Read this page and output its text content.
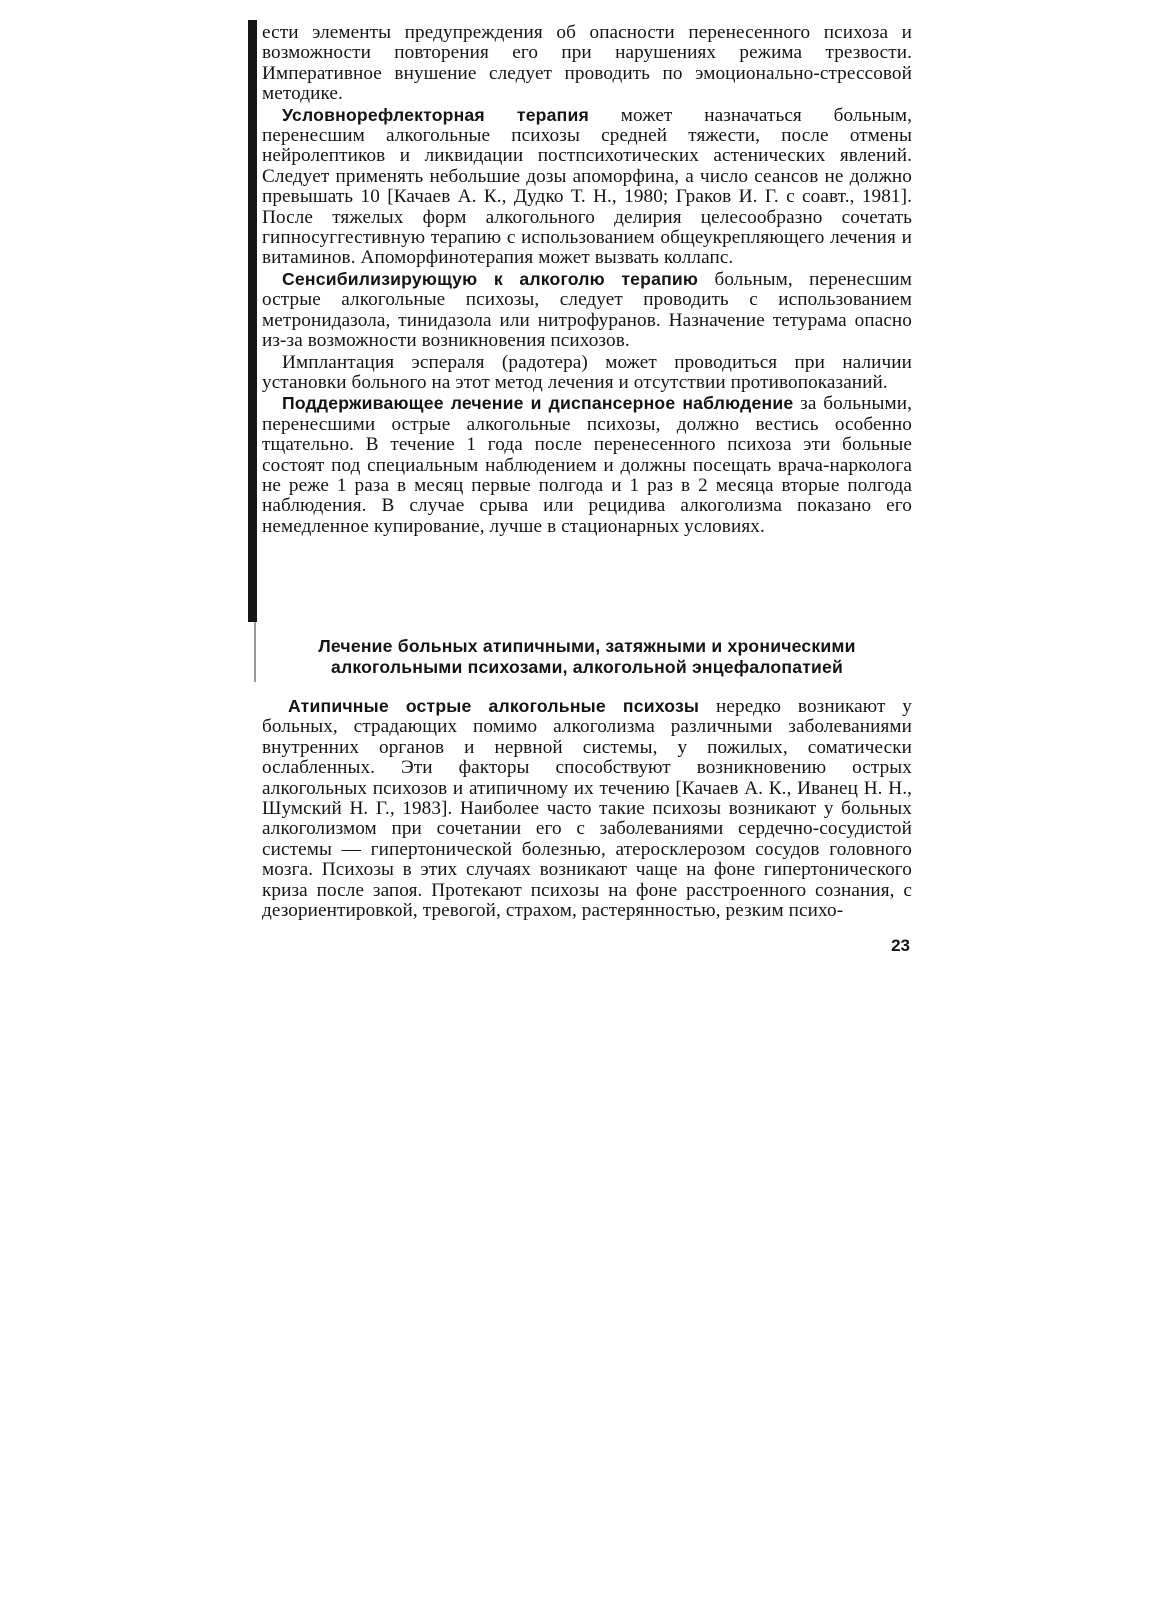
ести элементы предупреждения об опасности перенесенного психоза и возможности повторения его при нарушениях режима трезвости. Императивное внушение следует проводить по эмоционально-стрессовой методике.

Условнорефлекторная терапия может назначаться больным, перенесшим алкогольные психозы средней тяжести, после отмены нейролептиков и ликвидации постпсихотических астенических явлений. Следует применять небольшие дозы апоморфина, а число сеансов не должно превышать 10 [Качаев А. К., Дудко Т. Н., 1980; Граков И. Г. с соавт., 1981]. После тяжелых форм алкогольного делирия целесообразно сочетать гипносуггестивную терапию с использованием общеукрепляющего лечения и витаминов. Апоморфинотерапия может вызвать коллапс.

Сенсибилизирующую к алкоголю терапию больным, перенесшим острые алкогольные психозы, следует проводить с использованием метронидазола, тинидазола или нитрофуранов. Назначение тетурама опасно из-за возможности возникновения психозов.

Имплантация эспераля (радотера) может проводиться при наличии установки больного на этот метод лечения и отсутствии противопоказаний.

Поддерживающее лечение и диспансерное наблюдение за больными, перенесшими острые алкогольные психозы, должно вестись особенно тщательно. В течение 1 года после перенесенного психоза эти больные состоят под специальным наблюдением и должны посещать врача-нарколога не реже 1 раза в месяц первые полгода и 1 раз в 2 месяца вторые полгода наблюдения. В случае срыва или рецидива алкоголизма показано его немедленное купирование, лучше в стационарных условиях.

Лечение больных атипичными, затяжными и хроническими
алкогольными психозами, алкогольной энцефалопатией

Атипичные острые алкогольные психозы нередко возникают у больных, страдающих помимо алкоголизма различными заболеваниями внутренних органов и нервной системы, у пожилых, соматически ослабленных. Эти факторы способствуют возникновению острых алкогольных психозов и атипичному их течению [Качаев А. К., Иванец Н. Н., Шумский Н. Г., 1983]. Наиболее часто такие психозы возникают у больных алкоголизмом при сочетании его с заболеваниями сердечно-сосудистой системы — гипертонической болезнью, атеросклерозом сосудов головного мозга. Психозы в этих случаях возникают чаще на фоне гипертонического криза после запоя. Протекают психозы на фоне расстроенного сознания, с дезориентировкой, тревогой, страхом, растерянностью, резким психо-

23
